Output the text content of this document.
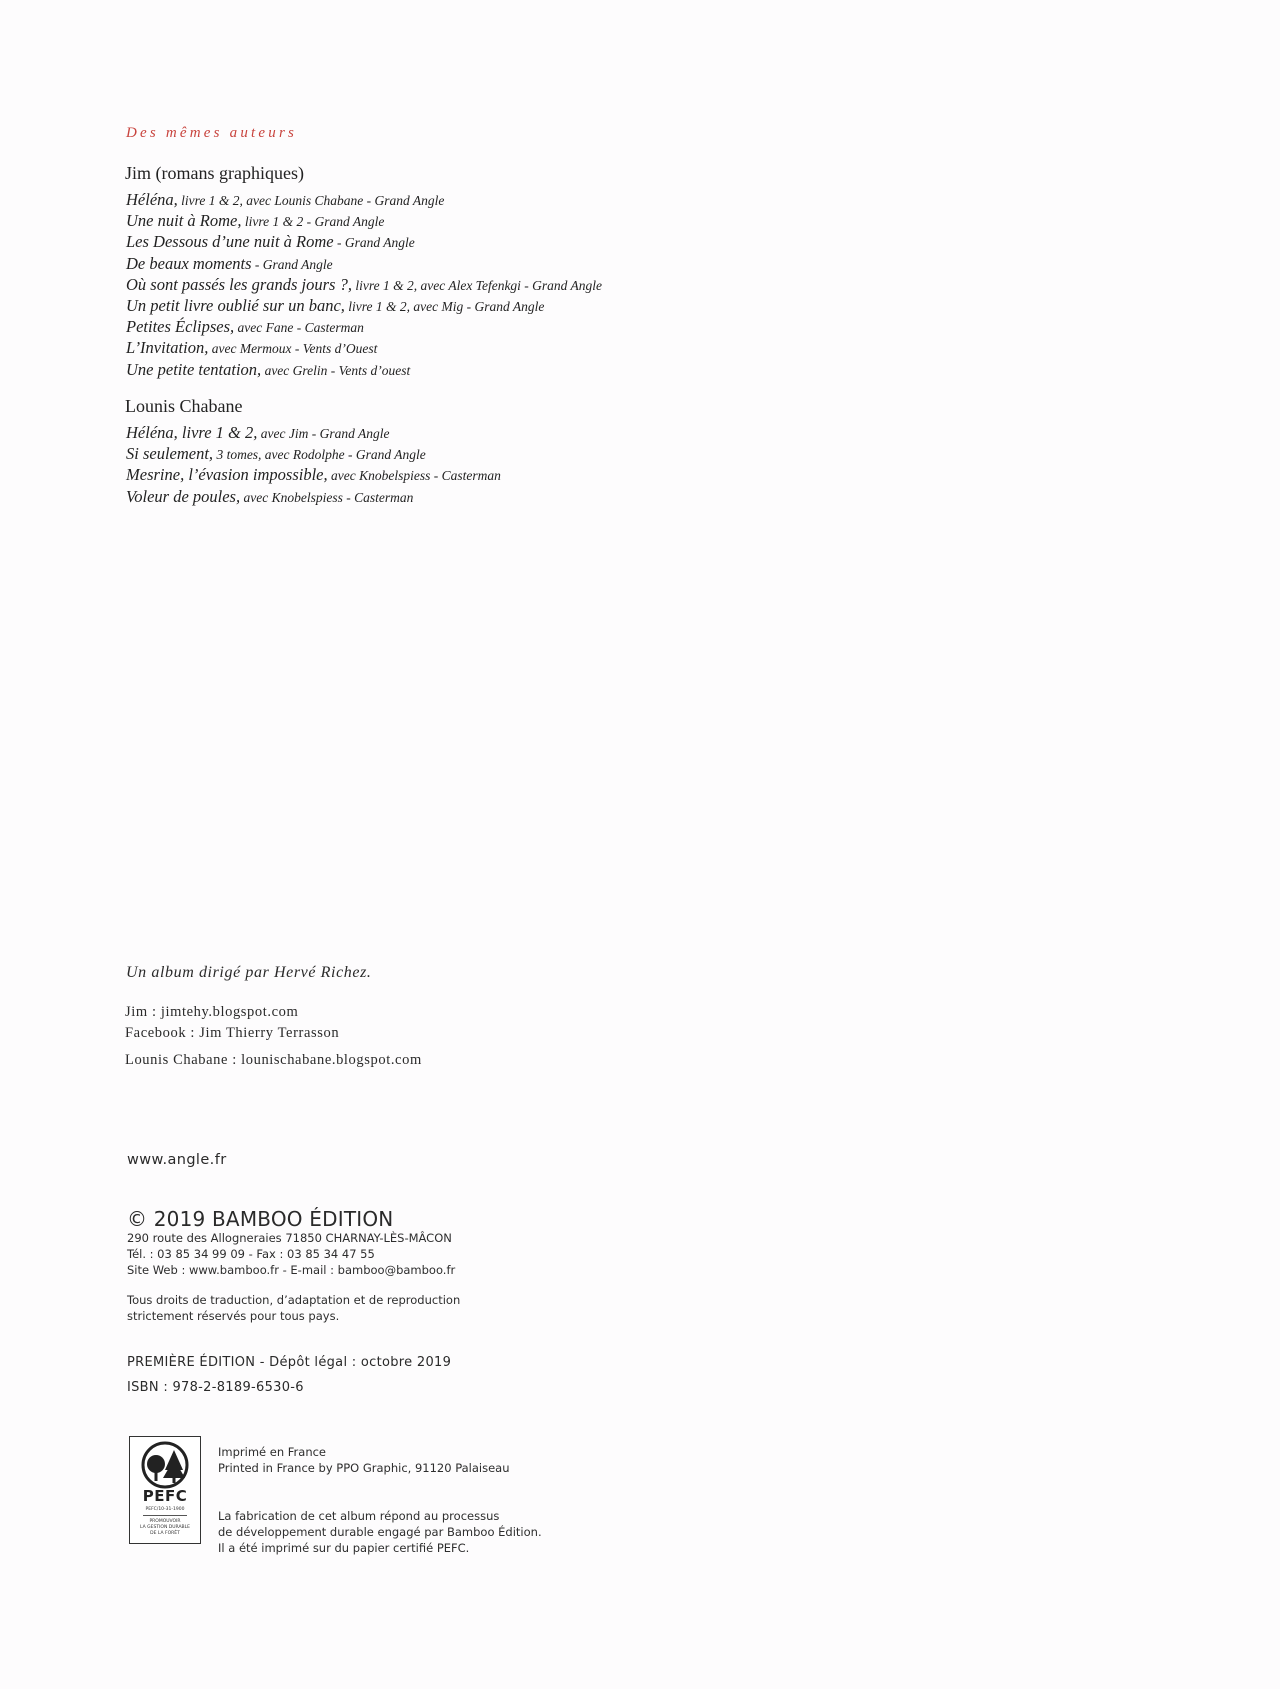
Des mêmes auteurs
Jim (romans graphiques)
Héléna, livre 1 & 2, avec Lounis Chabane - Grand Angle
Une nuit à Rome, livre 1 & 2 - Grand Angle
Les Dessous d’une nuit à Rome - Grand Angle
De beaux moments - Grand Angle
Où sont passés les grands jours ?, livre 1 & 2, avec Alex Tefenkgi - Grand Angle
Un petit livre oublié sur un banc, livre 1 & 2, avec Mig - Grand Angle
Petites Éclipses, avec Fane - Casterman
L’Invitation, avec Mermoux - Vents d’Ouest
Une petite tentation, avec Grelin - Vents d’ouest
Lounis Chabane
Héléna, livre 1 & 2, avec Jim - Grand Angle
Si seulement, 3 tomes, avec Rodolphe - Grand Angle
Mesrine, l’évasion impossible, avec Knobelspiess - Casterman
Voleur de poules, avec Knobelspiess - Casterman
Un album dirigé par Hervé Richez.
Jim : jimtehy.blogspot.com
Facebook : Jim Thierry Terrasson
Lounis Chabane : lounischabane.blogspot.com
www.angle.fr
© 2019 BAMBOO ÉDITION
290 route des Allogneraies 71850 CHARNAY-LÈS-MÂCON
Tél. : 03 85 34 99 09 - Fax : 03 85 34 47 55
Site Web : www.bamboo.fr - E-mail : bamboo@bamboo.fr
Tous droits de traduction, d’adaptation et de reproduction
strictement réservés pour tous pays.
PREMIÈRE ÉDITION - Dépôt légal : octobre 2019
ISBN : 978-2-8189-6530-6
PEFC
PEFC/10-31-1900
PROMOUVOIR
LA GESTION DURABLE
DE LA FORÊT
Imprimé en France
Printed in France by PPO Graphic, 91120 Palaiseau
La fabrication de cet album répond au processus
de développement durable engagé par Bamboo Édition.
Il a été imprimé sur du papier certifié PEFC.
